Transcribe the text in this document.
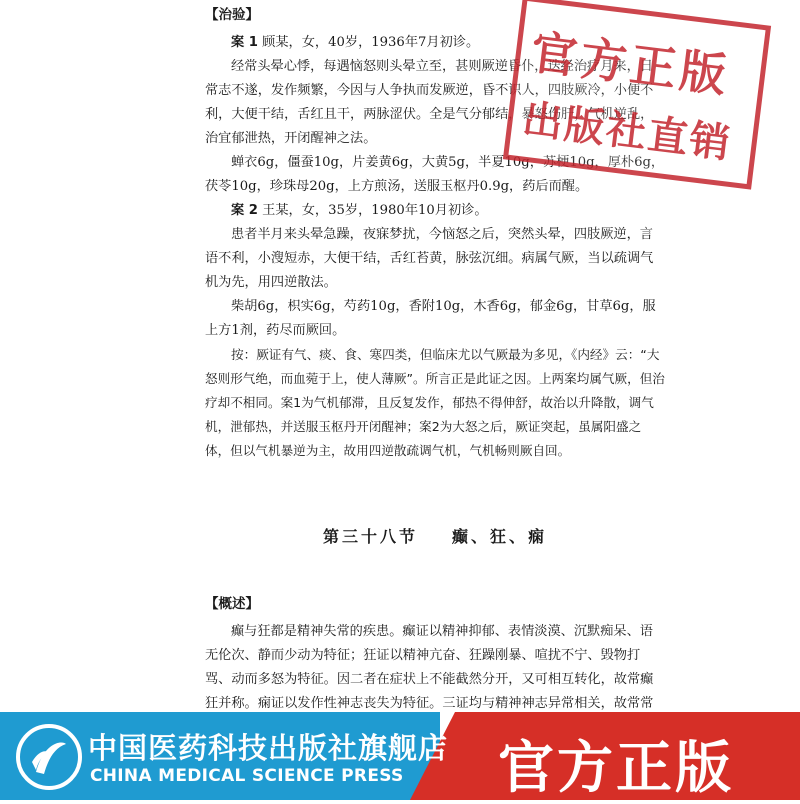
【治验】

案 1 顾某，女，40岁，1936年7月初诊。

经常头晕心悸，每遇恼怒则头晕立至，甚则厥逆昏仆，迭经治疗月来，日常志不遂，发作频繁，今因与人争执而发厥逆，昏不识人，四肢厥冷，小便不利，大便干结，舌红且干，两脉涩伏。全是气分郁结，暴怒伤肝，气机逆乱，治宜郁泄热，开闭醒神之法。

蝉衣6g，僵蚕10g，片姜黄6g，大黄5g，半夏10g，苏梗10g，厚朴6g，茯苓10g，珍珠母20g，上方煎汤，送服玉枢丹0.9g，药后而醒。

案 2 王某，女，35岁，1980年10月初诊。

患者半月来头晕急躁，夜寐梦扰，今恼怒之后，突然头晕，四肢厥逆，言语不利，小溲短赤，大便干结，舌红苔黄，脉弦沉细。病属气厥，当以疏调气机为先，用四逆散法。

柴胡6g，枳实6g，芍药10g，香附10g，木香6g，郁金6g，甘草6g，服上方1剂，药尽而厥回。

按：厥证有气、痰、食、寒四类，但临床尤以气厥最为多见，《内经》云：“大怒则形气绝，而血菀于上，使人薄厥”。所言正是此证之因。上两案均属气厥，但治疗却不相同。案1为气机郁滞，且反复发作，郁热不得伸舒，故治以升降散，调气机，泄郁热，并送服玉枢丹开闭醒神；案2为大怒之后，厥证突起，虽属阳盛之体，但以气机暴逆为主，故用四逆散疏调气机，气机畅则厥自回。

第三十八节 癫、狂、痫
【概述】

癫与狂都是精神失常的疾患。癫证以精神抑郁、表情淡漠、沉默痴呆、语无伦次、静而少动为特征；狂证以精神亢奋、狂躁刚暴、喧扰不宁、毁物打骂、动而多怒为特征。因二者在症状上不能截然分开，又可相互转化，故常癫狂并称。痫证以发作性神志丧失为特征。三证均与精神神志异常相关，故常常

官方正版
出版社直销
中国医药科技出版社旗舰店
CHINA MEDICAL SCIENCE PRESS 官方正版
